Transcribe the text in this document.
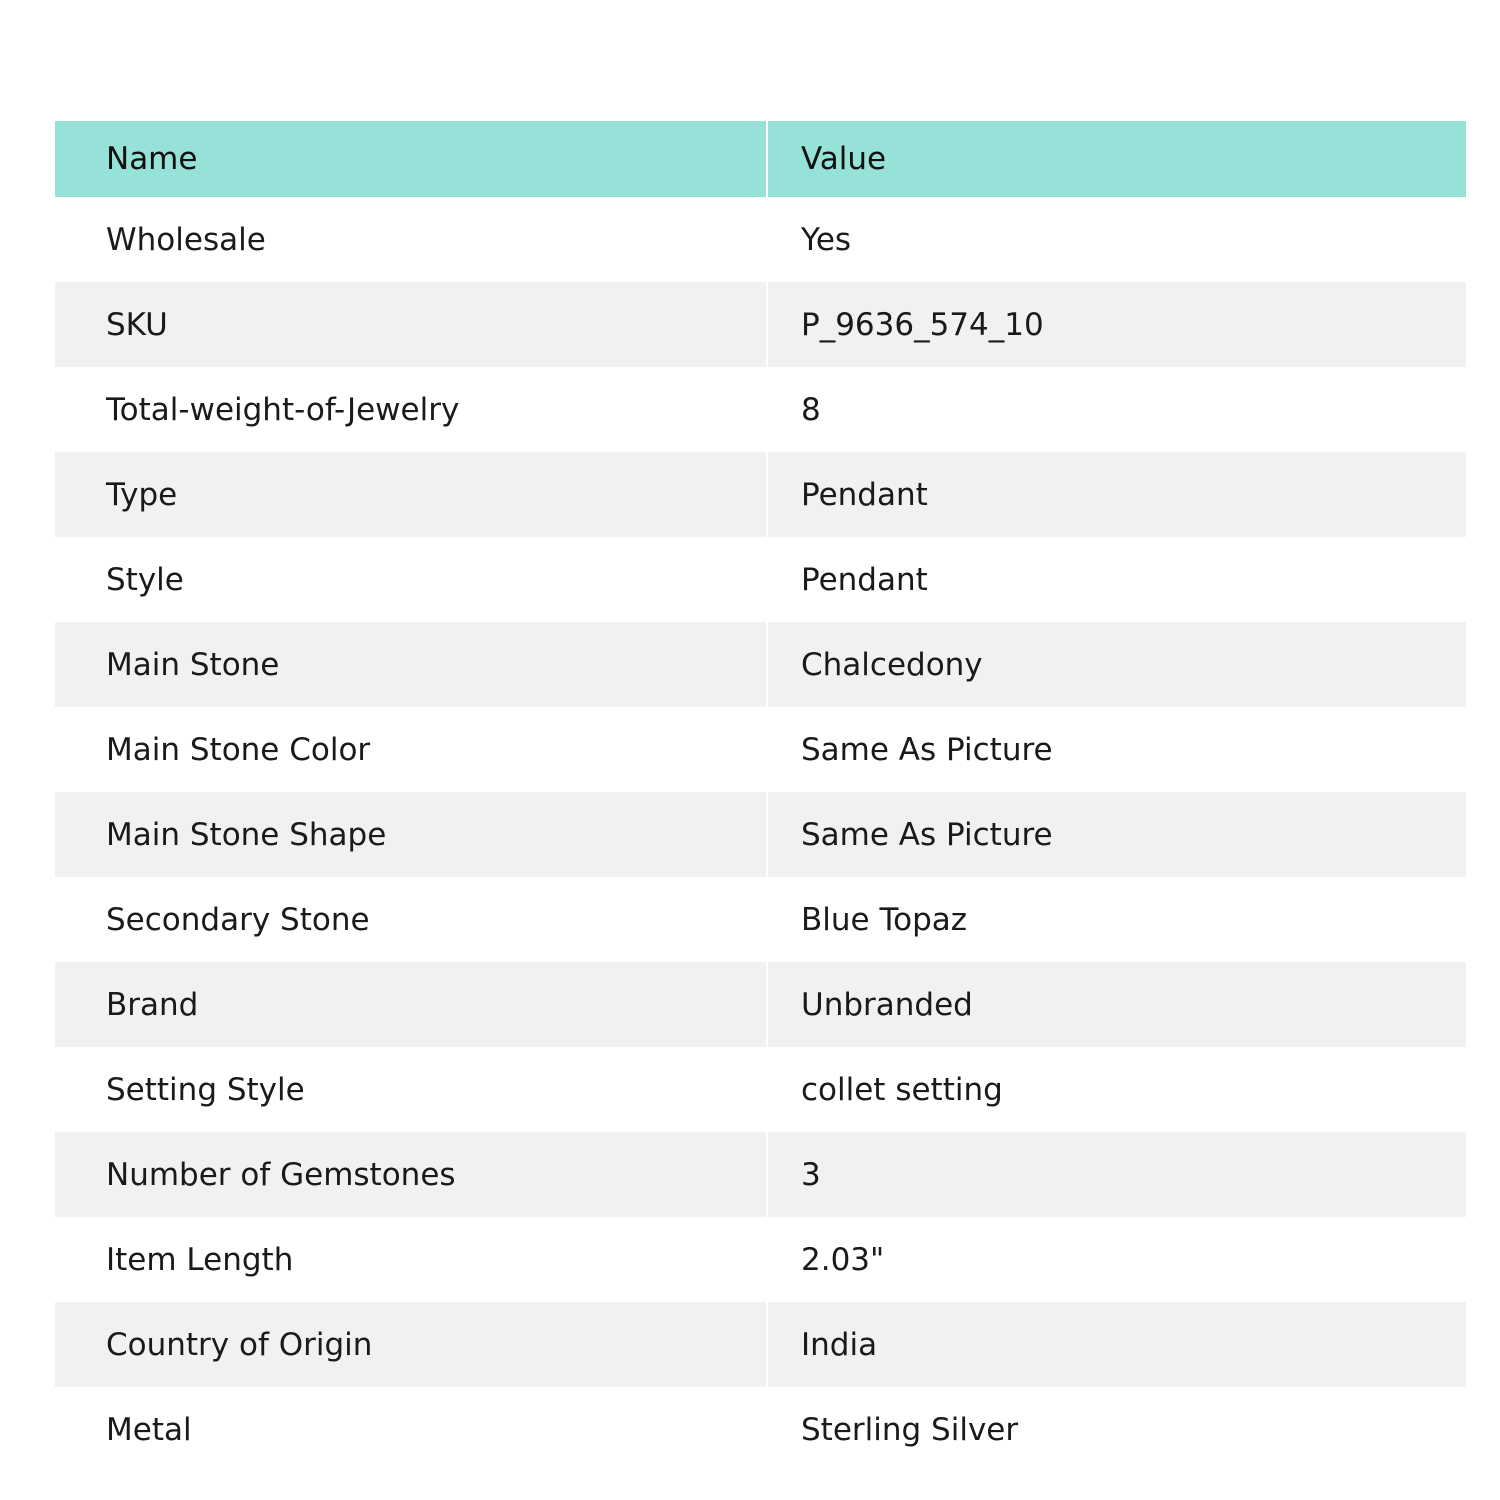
Name	Value
Wholesale	Yes
SKU	P_9636_574_10
Total-weight-of-Jewelry	8
Type	Pendant
Style	Pendant
Main Stone	Chalcedony
Main Stone Color	Same As Picture
Main Stone Shape	Same As Picture
Secondary Stone	Blue Topaz
Brand	Unbranded
Setting Style	collet setting
Number of Gemstones	3
Item Length	2.03"
Country of Origin	India
Metal	Sterling Silver
